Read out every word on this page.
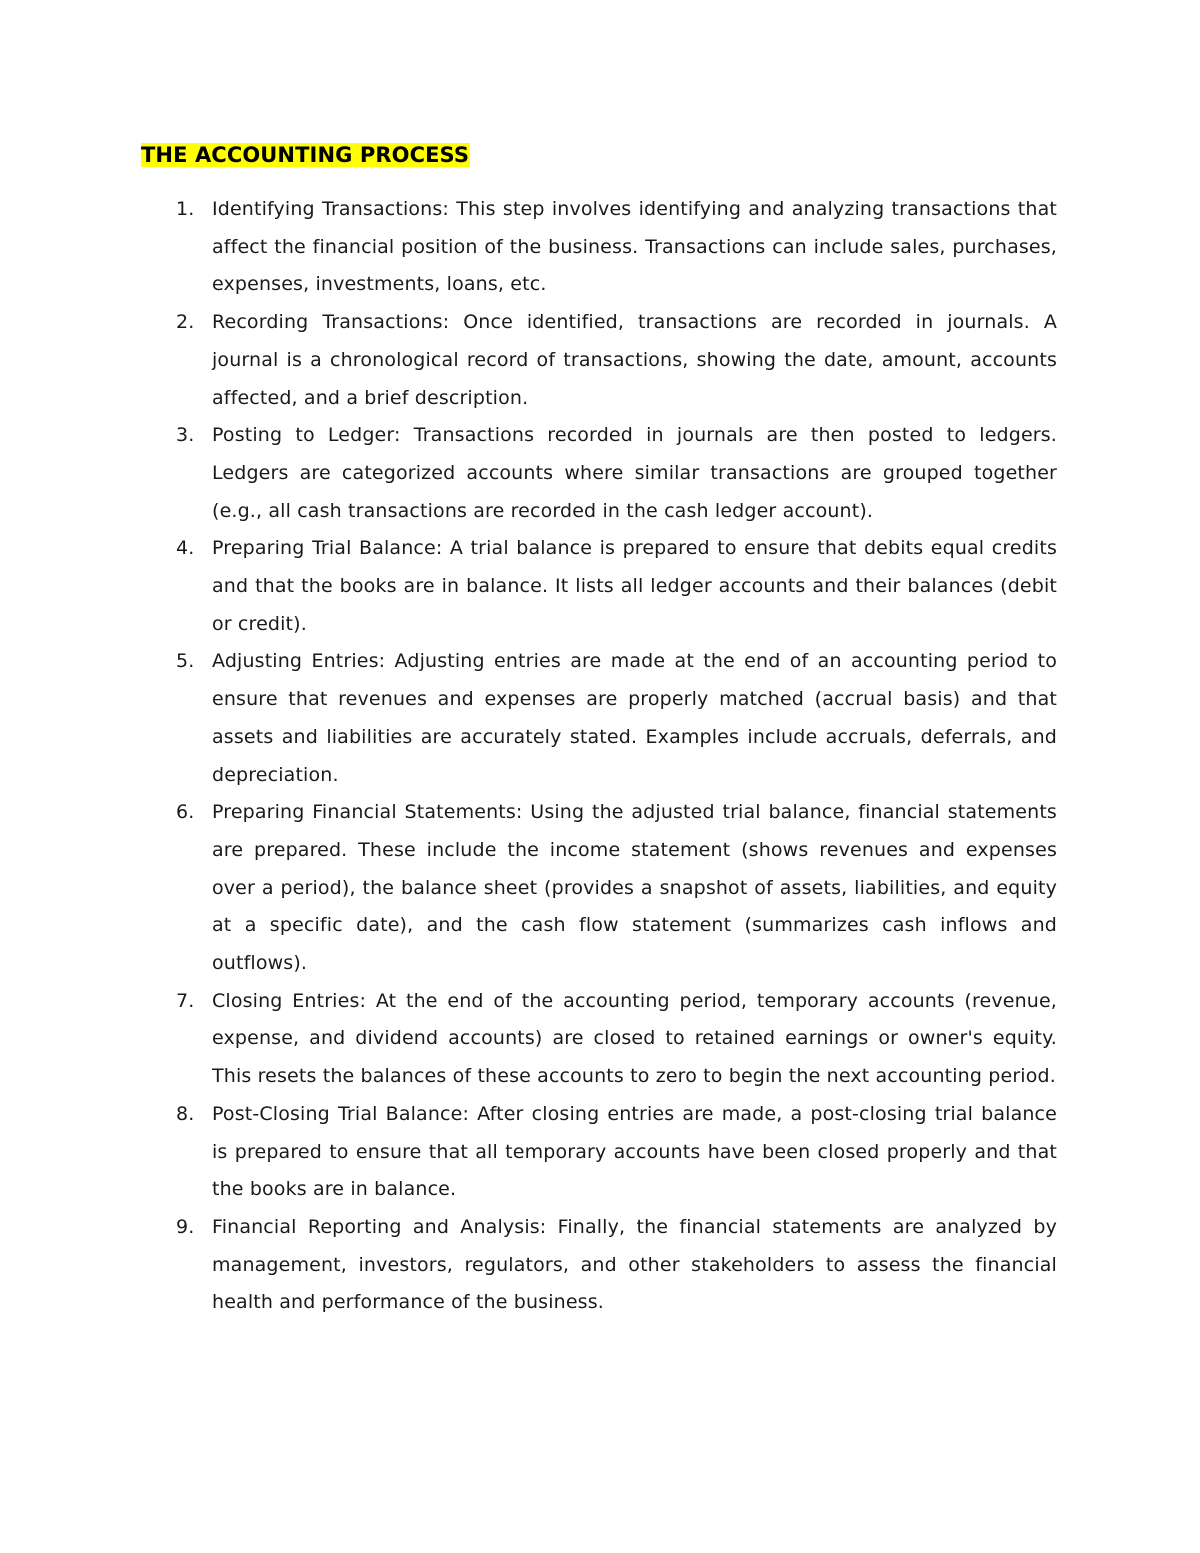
THE ACCOUNTING PROCESS
1. Identifying Transactions: This step involves identifying and analyzing transactions that affect the financial position of the business. Transactions can include sales, purchases, expenses, investments, loans, etc.
2. Recording Transactions: Once identified, transactions are recorded in journals. A journal is a chronological record of transactions, showing the date, amount, accounts affected, and a brief description.
3. Posting to Ledger: Transactions recorded in journals are then posted to ledgers. Ledgers are categorized accounts where similar transactions are grouped together (e.g., all cash transactions are recorded in the cash ledger account).
4. Preparing Trial Balance: A trial balance is prepared to ensure that debits equal credits and that the books are in balance. It lists all ledger accounts and their balances (debit or credit).
5. Adjusting Entries: Adjusting entries are made at the end of an accounting period to ensure that revenues and expenses are properly matched (accrual basis) and that assets and liabilities are accurately stated. Examples include accruals, deferrals, and depreciation.
6. Preparing Financial Statements: Using the adjusted trial balance, financial statements are prepared. These include the income statement (shows revenues and expenses over a period), the balance sheet (provides a snapshot of assets, liabilities, and equity at a specific date), and the cash flow statement (summarizes cash inflows and outflows).
7. Closing Entries: At the end of the accounting period, temporary accounts (revenue, expense, and dividend accounts) are closed to retained earnings or owner's equity. This resets the balances of these accounts to zero to begin the next accounting period.
8. Post-Closing Trial Balance: After closing entries are made, a post-closing trial balance is prepared to ensure that all temporary accounts have been closed properly and that the books are in balance.
9. Financial Reporting and Analysis: Finally, the financial statements are analyzed by management, investors, regulators, and other stakeholders to assess the financial health and performance of the business.
